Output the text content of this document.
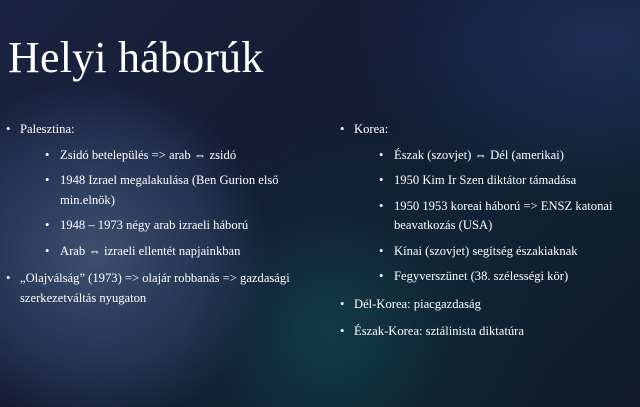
Helyi háborúk
• Palesztina:
• Zsidó betelepülés => arab ⇔ zsidó
• 1948 Izrael megalakulása (Ben Gurion első min.elnök)
• 1948 – 1973 négy arab izraeli háború
• Arab ⇔ izraeli ellentét napjainkban
• „Olajválság” (1973) => olajár robbanás => gazdasági szerkezetváltás nyugaton
• Korea:
• Észak (szovjet) ⇔ Dél (amerikai)
• 1950 Kim Ir Szen diktátor támadása
• 1950 1953 koreai háború => ENSZ katonai beavatkozás (USA)
• Kínai (szovjet) segítség északiaknak
• Fegyverszünet (38. szélességi kör)
• Dél-Korea: piacgazdaság
• Észak-Korea: sztálinista diktatúra
